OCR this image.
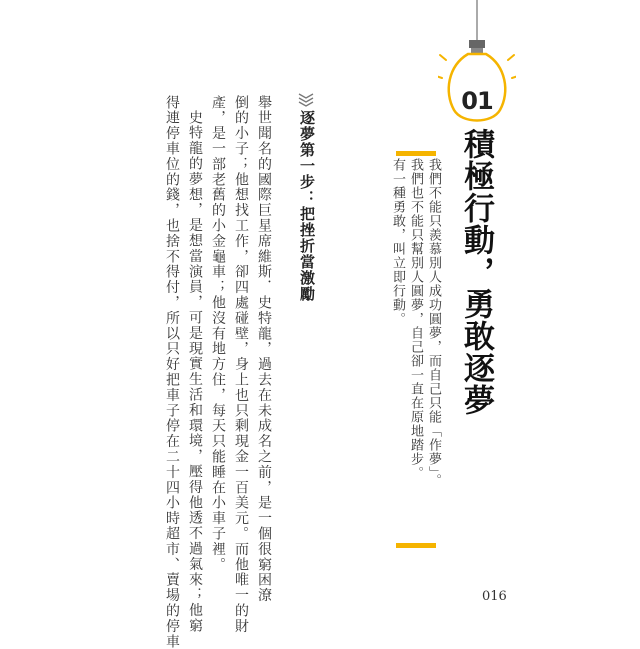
01
積極行動，勇敢逐夢
我們不能只羨慕別人成功圓夢，而自己只能「作夢」。
我們也不能只幫別人圓夢，自己卻一直在原地踏步。
有一種勇敢，叫立即行動。
逐夢第一步：把挫折當激勵
舉世聞名的國際巨星席維斯．史特龍，過去在未成名之前，是一個很窮困潦
倒的小子；他想找工作，卻四處碰壁，身上也只剩現金一百美元。而他唯一的財
產，是一部老舊的小金龜車；他沒有地方住，每天只能睡在小車子裡。
史特龍的夢想，是想當演員，可是現實生活和環境，壓得他透不過氣來；他窮
得連停車位的錢，也捨不得付，所以只好把車子停在二十四小時超市、賣場的停車	016
